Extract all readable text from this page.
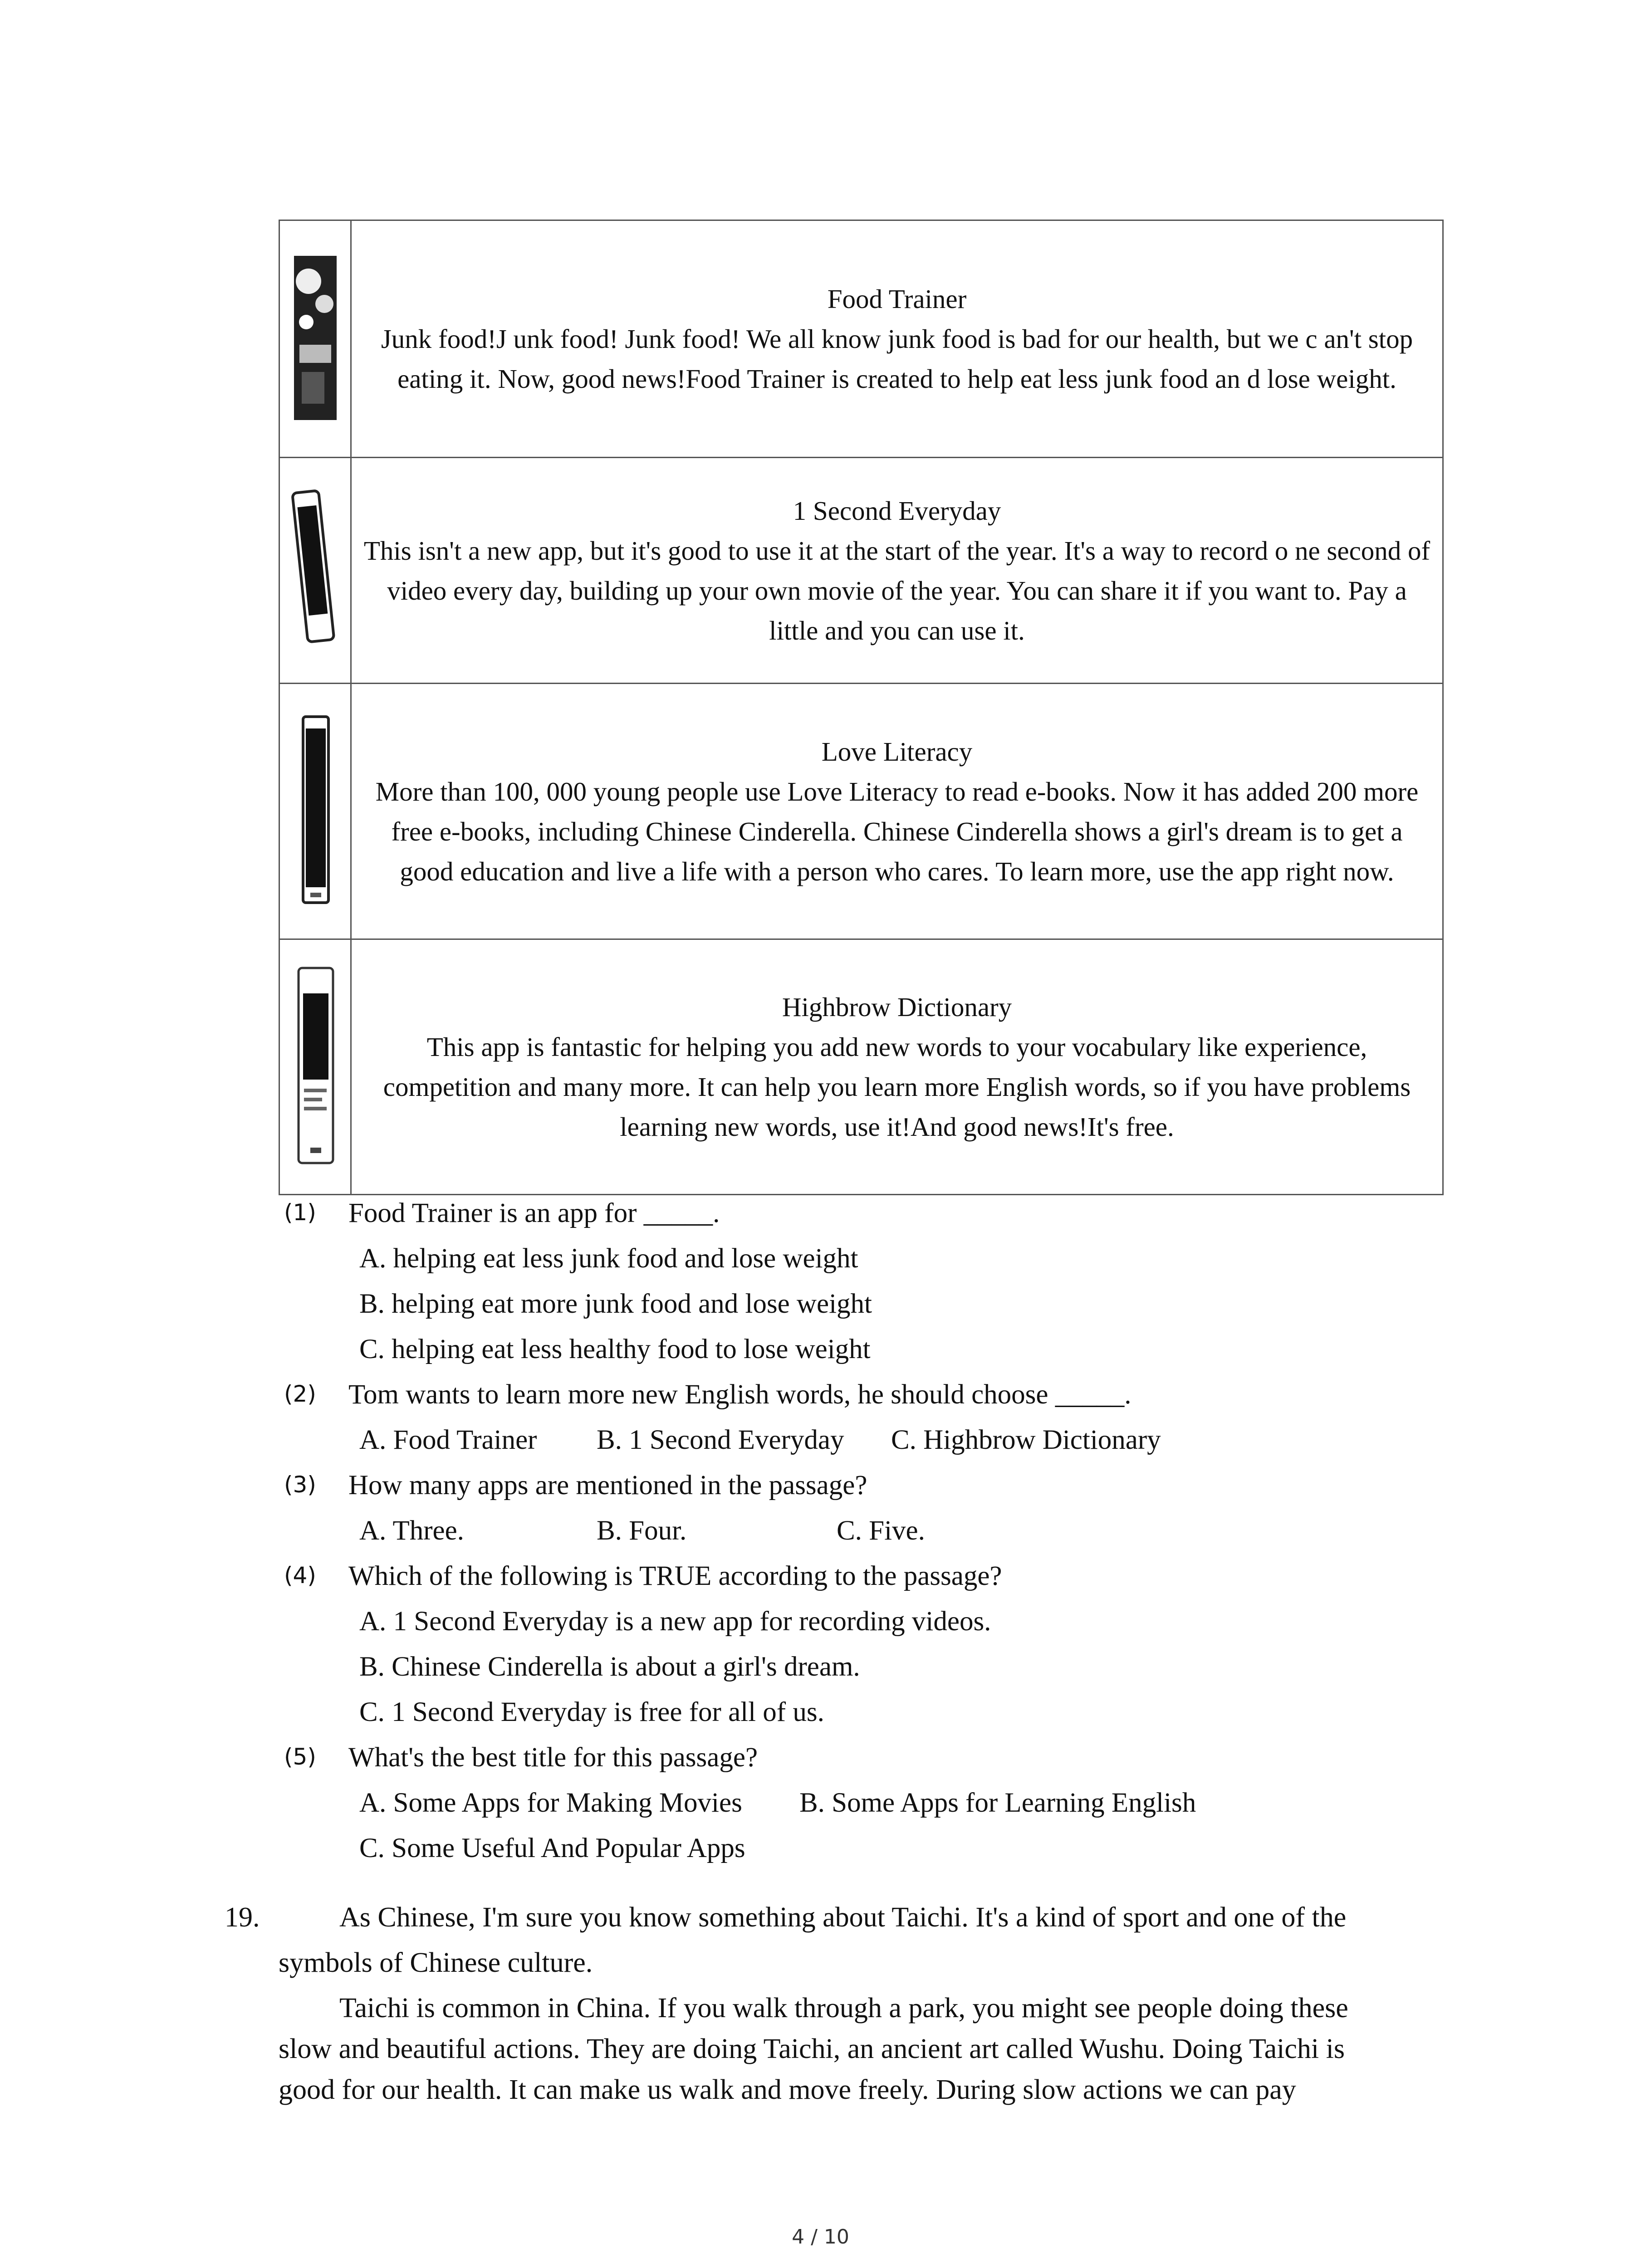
Food Trainer
Junk food!J unk food! Junk food! We all know junk food is bad for our health, but we c an't stop eating it. Now, good news!Food Trainer is created to help eat less junk food an d lose weight.

1 Second Everyday
This isn't a new app, but it's good to use it at the start of the year. It's a way to record o ne second of video every day, building up your own movie of the year. You can share it if you want to. Pay a little and you can use it.

Love Literacy
More than 100, 000 young people use Love Literacy to read e-books. Now it has added 200 more free e-books, including Chinese Cinderella. Chinese Cinderella shows a girl's dream is to get a good education and live a life with a person who cares. To learn more, use the app right now.

Highbrow Dictionary
This app is fantastic for helping you add new words to your vocabulary like experience, competition and many more. It can help you learn more English words, so if you have problems learning new words, use it!And good news!It's free.
(1) Food Trainer is an app for _____.
A. helping eat less junk food and lose weight
B. helping eat more junk food and lose weight
C. helping eat less healthy food to lose weight
(2) Tom wants to learn more new English words, he should choose _____.
A. Food Trainer B. 1 Second Everyday C. Highbrow Dictionary
(3) How many apps are mentioned in the passage?
A. Three.	B. Four.	C. Five.
(4) Which of the following is TRUE according to the passage?
A. 1 Second Everyday is a new app for recording videos.
B. Chinese Cinderella is about a girl's dream.
C. 1 Second Everyday is free for all of us.
(5) What's the best title for this passage?
A. Some Apps for Making Movies B. Some Apps for Learning English
C. Some Useful And Popular Apps
19.	As Chinese, I'm sure you know something about Taichi. It's a kind of sport and one of the
symbols of Chinese culture.
Taichi is common in China. If you walk through a park, you might see people doing these
slow and beautiful actions. They are doing Taichi, an ancient art called Wushu. Doing Taichi is
good for our health. It can make us walk and move freely. During slow actions we can pay
4 / 10
